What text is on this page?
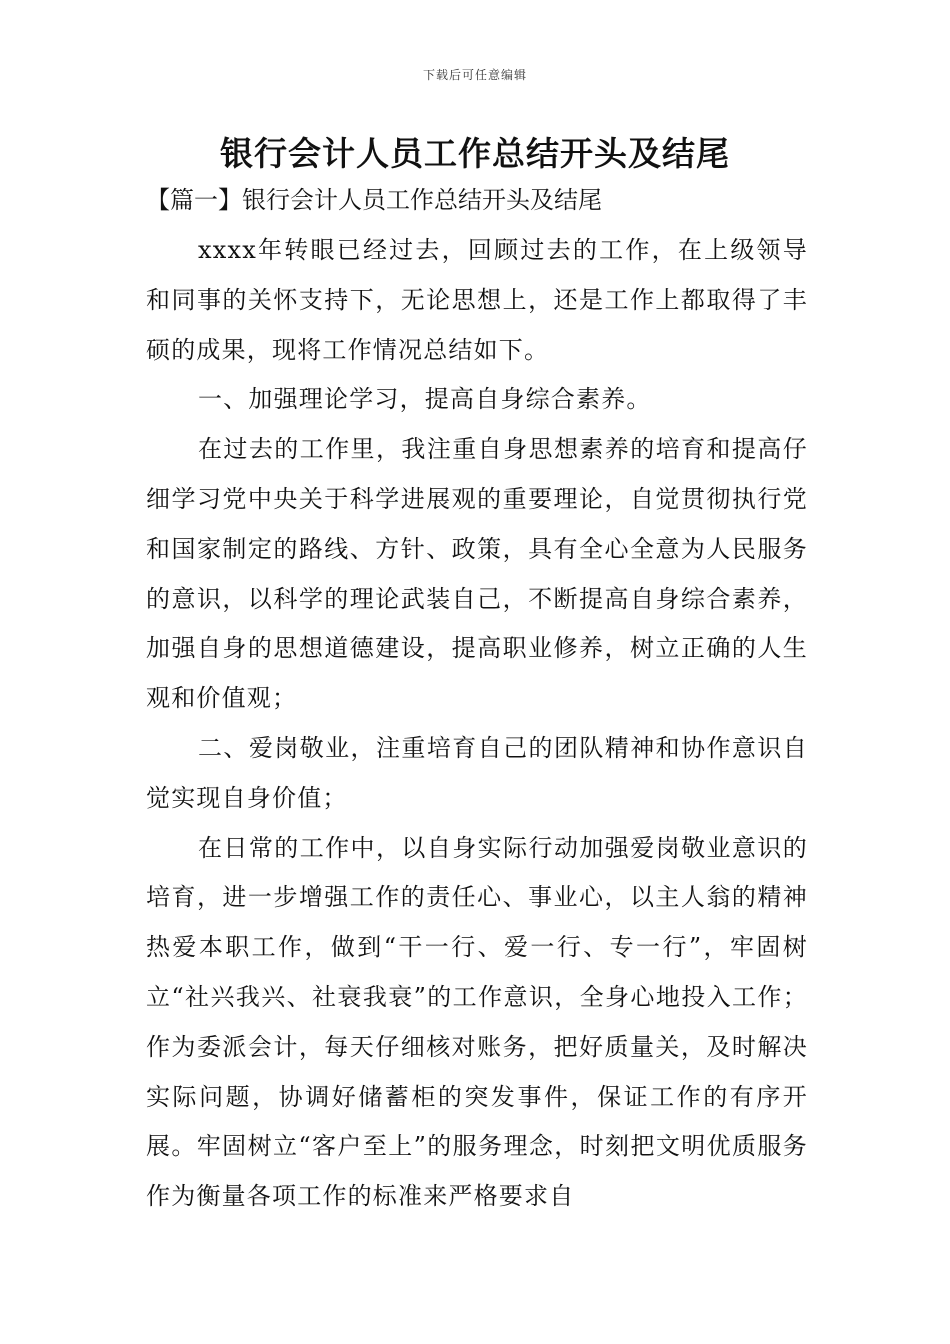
下载后可任意编辑
银行会计人员工作总结开头及结尾
【篇一】银行会计人员工作总结开头及结尾

xxxx年转眼已经过去，回顾过去的工作，在上级领导和同事的关怀支持下，无论思想上，还是工作上都取得了丰硕的成果，现将工作情况总结如下。

一、加强理论学习，提高自身综合素养。

在过去的工作里，我注重自身思想素养的培育和提高仔细学习党中央关于科学进展观的重要理论，自觉贯彻执行党和国家制定的路线、方针、政策，具有全心全意为人民服务的意识，以科学的理论武装自己，不断提高自身综合素养，加强自身的思想道德建设，提高职业修养，树立正确的人生观和价值观；

二、爱岗敬业，注重培育自己的团队精神和协作意识自觉实现自身价值；

在日常的工作中，以自身实际行动加强爱岗敬业意识的培育，进一步增强工作的责任心、事业心，以主人翁的精神热爱本职工作，做到“干一行、爱一行、专一行”，牢固树立“社兴我兴、社衰我衰”的工作意识，全身心地投入工作；作为委派会计，每天仔细核对账务，把好质量关，及时解决实际问题，协调好储蓄柜的突发事件，保证工作的有序开展。牢固树立“客户至上”的服务理念，时刻把文明优质服务作为衡量各项工作的标准来严格要求自
